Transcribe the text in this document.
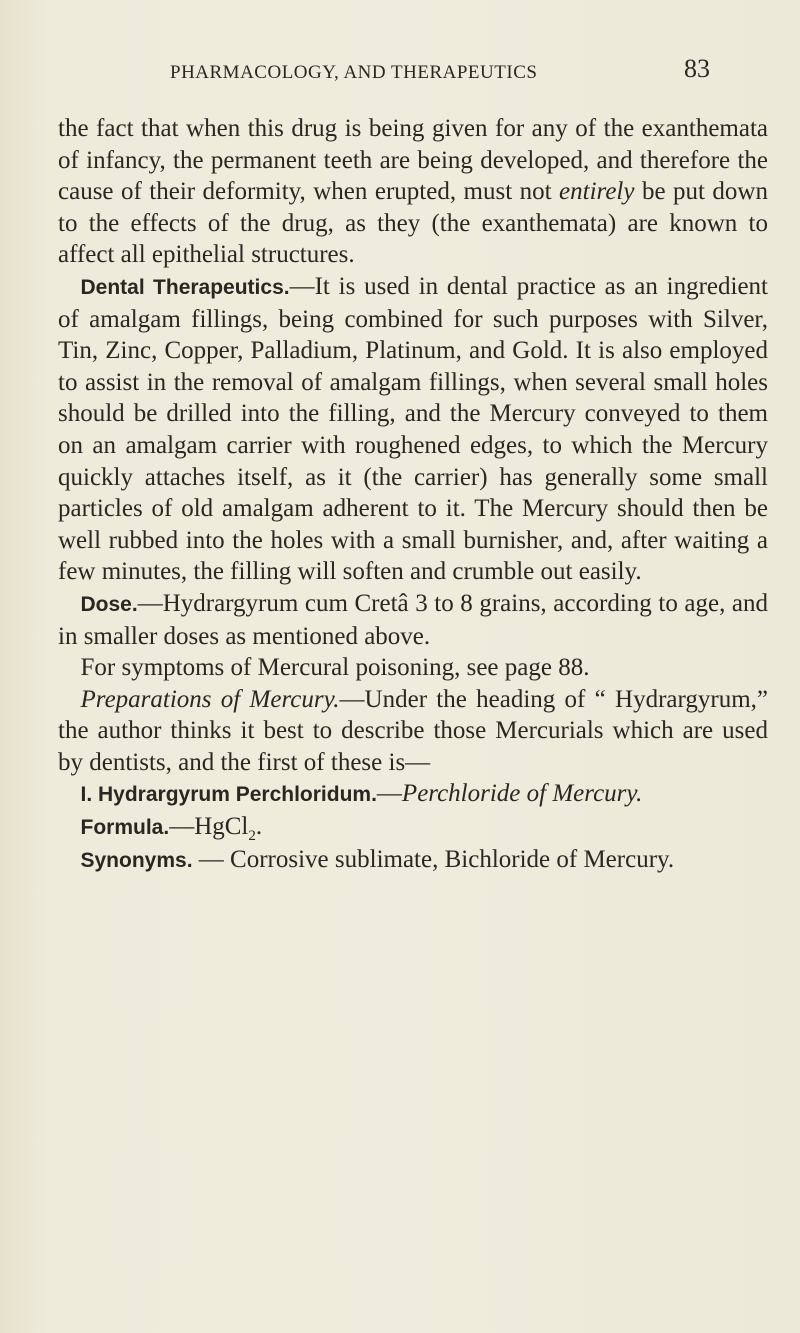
PHARMACOLOGY, AND THERAPEUTICS	83

the fact that when this drug is being given for any of the exanthemata of infancy, the permanent teeth are being developed, and therefore the cause of their deformity, when erupted, must not entirely be put down to the effects of the drug, as they (the exanthemata) are known to affect all epithelial structures.

Dental Therapeutics.—It is used in dental practice as an ingredient of amalgam fillings, being combined for such purposes with Silver, Tin, Zinc, Copper, Palladium, Platinum, and Gold. It is also employed to assist in the removal of amalgam fillings, when several small holes should be drilled into the filling, and the Mercury conveyed to them on an amalgam carrier with roughened edges, to which the Mercury quickly attaches itself, as it (the carrier) has generally some small particles of old amalgam adherent to it. The Mercury should then be well rubbed into the holes with a small burnisher, and, after waiting a few minutes, the filling will soften and crumble out easily.

Dose.—Hydrargyrum cum Cretâ 3 to 8 grains, according to age, and in smaller doses as mentioned above.

For symptoms of Mercural poisoning, see page 88.

Preparations of Mercury.—Under the heading of “ Hydrargyrum,” the author thinks it best to describe those Mercurials which are used by dentists, and the first of these is—

I. Hydrargyrum Perchloridum.—Perchloride of Mercury.

Formula.—HgCl$_2$.

Synonyms. — Corrosive sublimate, Bichloride of Mercury.
